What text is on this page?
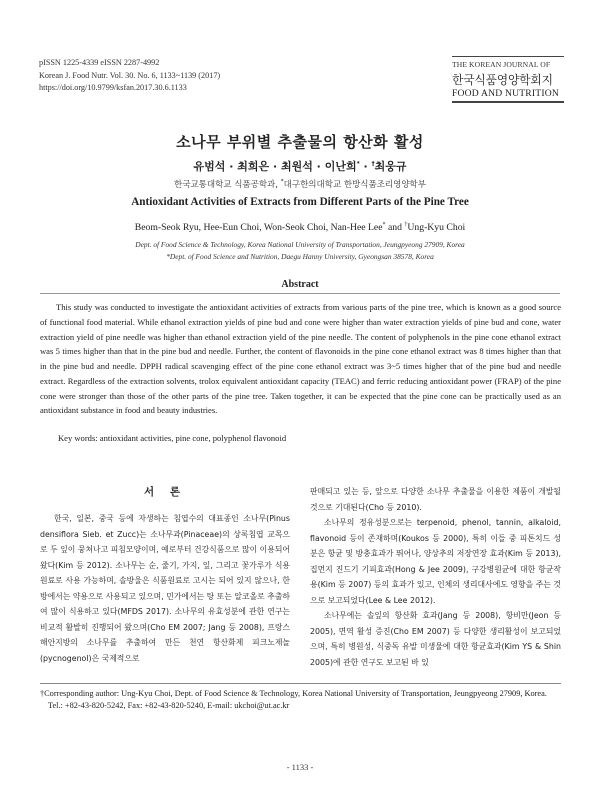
pISSN 1225-4339 eISSN 2287-4992
Korean J. Food Nutr. Vol. 30. No. 6, 1133~1139 (2017)
https://doi.org/10.9799/ksfan.2017.30.6.1133
THE KOREAN JOURNAL OF
한국식품영양학회지
FOOD AND NUTRITION
소나무 부위별 추출물의 항산화 활성
유범석 · 최희은 · 최원석 · 이난희* · †최웅규
한국교통대학교 식품공학과, *대구한의대학교 한방식품조리영양학부
Antioxidant Activities of Extracts from Different Parts of the Pine Tree
Beom-Seok Ryu, Hee-Eun Choi, Won-Seok Choi, Nan-Hee Lee* and †Ung-Kyu Choi
Dept. of Food Science & Technology, Korea National University of Transportation, Jeungpyeong 27909, Korea
*Dept. of Food Science and Nutrition, Daegu Hanny University, Gyeongsan 38578, Korea
Abstract

This study was conducted to investigate the antioxidant activities of extracts from various parts of the pine tree, which is known as a good source of functional food material. While ethanol extraction yields of pine bud and cone were higher than water extraction yields of pine bud and cone, water extraction yield of pine needle was higher than ethanol extraction yield of the pine needle. The content of polyphenols in the pine cone ethanol extract was 5 times higher than that in the pine bud and needle. Further, the content of flavonoids in the pine cone ethanol extract was 8 times higher than that in the pine bud and needle. DPPH radical scavenging effect of the pine cone ethanol extract was 3~5 times higher that of the pine bud and needle extract. Regardless of the extraction solvents, trolox equivalent antioxidant capacity (TEAC) and ferric reducing antioxidant power (FRAP) of the pine cone were stronger than those of the other parts of the pine tree. Taken together, it can be expected that the pine cone can be practically used as an antioxidant substance in food and beauty industries.

Key words: antioxidant activities, pine cone, polyphenol flavonoid
서 론

한국, 일본, 중국 등에 자생하는 침엽수의 대표종인 소나무(Pinus densiflora Sieb. et Zucc)는 소나무과(Pinaceae)의 상록침엽 교목으로 두 잎이 뭉쳐나고 피침모양이며, 예로부터 건강식품으로 많이 이용되어 왔다(Kim 등 2012). 소나무는 순, 줄기, 가지, 잎, 그리고 꽃가루가 식용원료로 사용 가능하며, 솔방울은 식품원료로 고시는 되어 있지 않으나, 한방에서는 약용으로 사용되고 있으며, 민가에서는 탕 또는 알코올로 추출하여 많이 식용하고 있다(MFDS 2017). 소나무의 유효성분에 관한 연구는 비교적 활발히 진행되어 왔으며(Cho EM 2007; Jang 등 2008), 프랑스 해안지방의 소나무를 추출하여 만든 천연 항산화제 피크노제놀(pycnogenol)은 국제적으로

판매되고 있는 등, 앞으로 다양한 소나무 추출물을 이용한 제품이 개발될 것으로 기대된다(Cho 등 2010).

소나무의 정유성분으로는 terpenoid, phenol, tannin, alkaloid, flavonoid 등이 존재하며(Koukos 등 2000), 특히 이들 중 피톤치드 성분은 항균 및 방충효과가 뛰어나, 양상추의 저장연장 효과(Kim 등 2013), 집먼지 진드기 기피효과(Hong & Jee 2009), 구강병원균에 대한 항균작용(Kim 등 2007) 등의 효과가 있고, 인체의 생리대사에도 영향을 주는 것으로 보고되었다(Lee & Lee 2012).

소나무에는 솔잎의 항산화 효과(Jang 등 2008), 항비만(Jeon 등 2005), 면역 활성 증진(Cho EM 2007) 등 다양한 생리활성이 보고되었으며, 특히 병원성, 식중독 유발 미생물에 대한 항균효과(Kim YS & Shin 2005)에 관한 연구도 보고된 바 있

†Corresponding author: Ung-Kyu Choi, Dept. of Food Science & Technology, Korea National University of Transportation, Jeungpyeong 27909, Korea. Tel.: +82-43-820-5242, Fax: +82-43-820-5240, E-mail: ukchoi@ut.ac.kr
- 1133 -
